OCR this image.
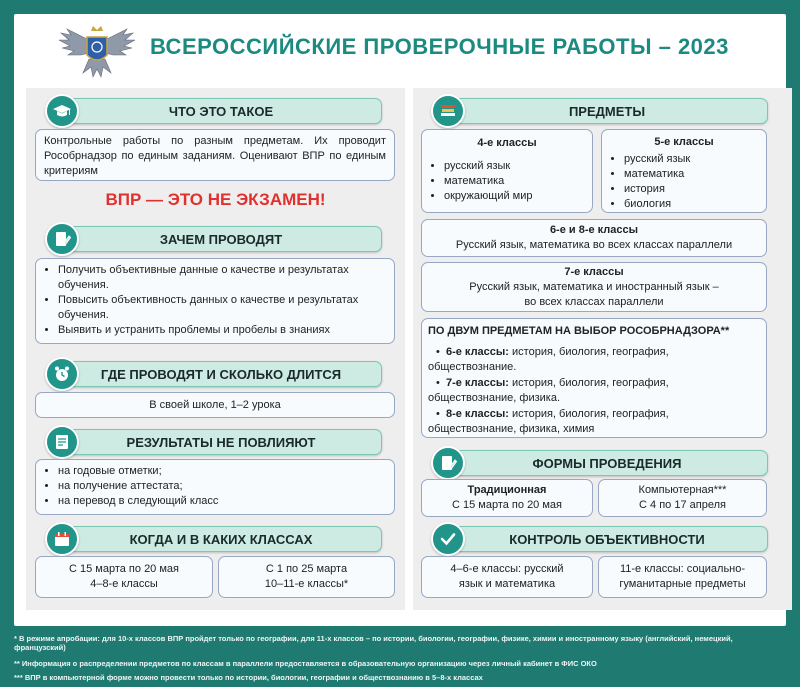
ВСЕРОССИЙСКИЕ ПРОВЕРОЧНЫЕ РАБОТЫ – 2023
ЧТО ЭТО ТАКОЕ
Контрольные работы по разным предметам. Их проводит Рособрнадзор по единым заданиям. Оценивают ВПР по единым критериям
ВПР — ЭТО НЕ ЭКЗАМЕН!
ЗАЧЕМ ПРОВОДЯТ
• Получить объективные данные о качестве и результатах обучения.
• Повысить объективность данных о качестве и результатах обучения.
• Выявить и устранить проблемы и пробелы в знаниях
ГДЕ ПРОВОДЯТ И СКОЛЬКО ДЛИТСЯ
В своей школе, 1–2 урока
РЕЗУЛЬТАТЫ НЕ ПОВЛИЯЮТ
• на годовые отметки;
• на получение аттестата;
• на перевод в следующий класс
КОГДА И В КАКИХ КЛАССАХ
С 15 марта по 20 мая
4–8-е классы
С 1 по 25 марта
10–11-е классы*
ПРЕДМЕТЫ
4-е классы
• русский язык
• математика
• окружающий мир
5-е классы
• русский язык
• математика
• история
• биология
6-е и 8-е классы
Русский язык, математика во всех классах параллели
7-е классы
Русский язык, математика и иностранный язык –
во всех классах параллели
ПО ДВУМ ПРЕДМЕТАМ НА ВЫБОР РОСОБРНАДЗОРА**
•  6-е классы: история, биология, география,
обществознание.
•  7-е классы: история, биология, география,
обществознание, физика.
•  8-е классы: история, биология, география,
обществознание, физика, химия
ФОРМЫ ПРОВЕДЕНИЯ
Традиционная
С 15 марта по 20 мая
Компьютерная***
С 4 по 17 апреля
КОНТРОЛЬ ОБЪЕКТИВНОСТИ
4–6-е классы: русский
язык и математика
11-е классы: социально-
гуманитарные предметы
* В режиме апробации: для 10-х классов ВПР пройдет только по географии, для 11-х классов – по истории, биологии, географии, физике, химии и иностранному языку (английский, немецкий, французский)
** Информация о распределении предметов по классам в параллели предоставляется в образовательную организацию через личный кабинет в ФИС ОКО
*** ВПР в компьютерной форме можно провести только по истории, биологии, географии и обществознанию в 5–8-х классах
